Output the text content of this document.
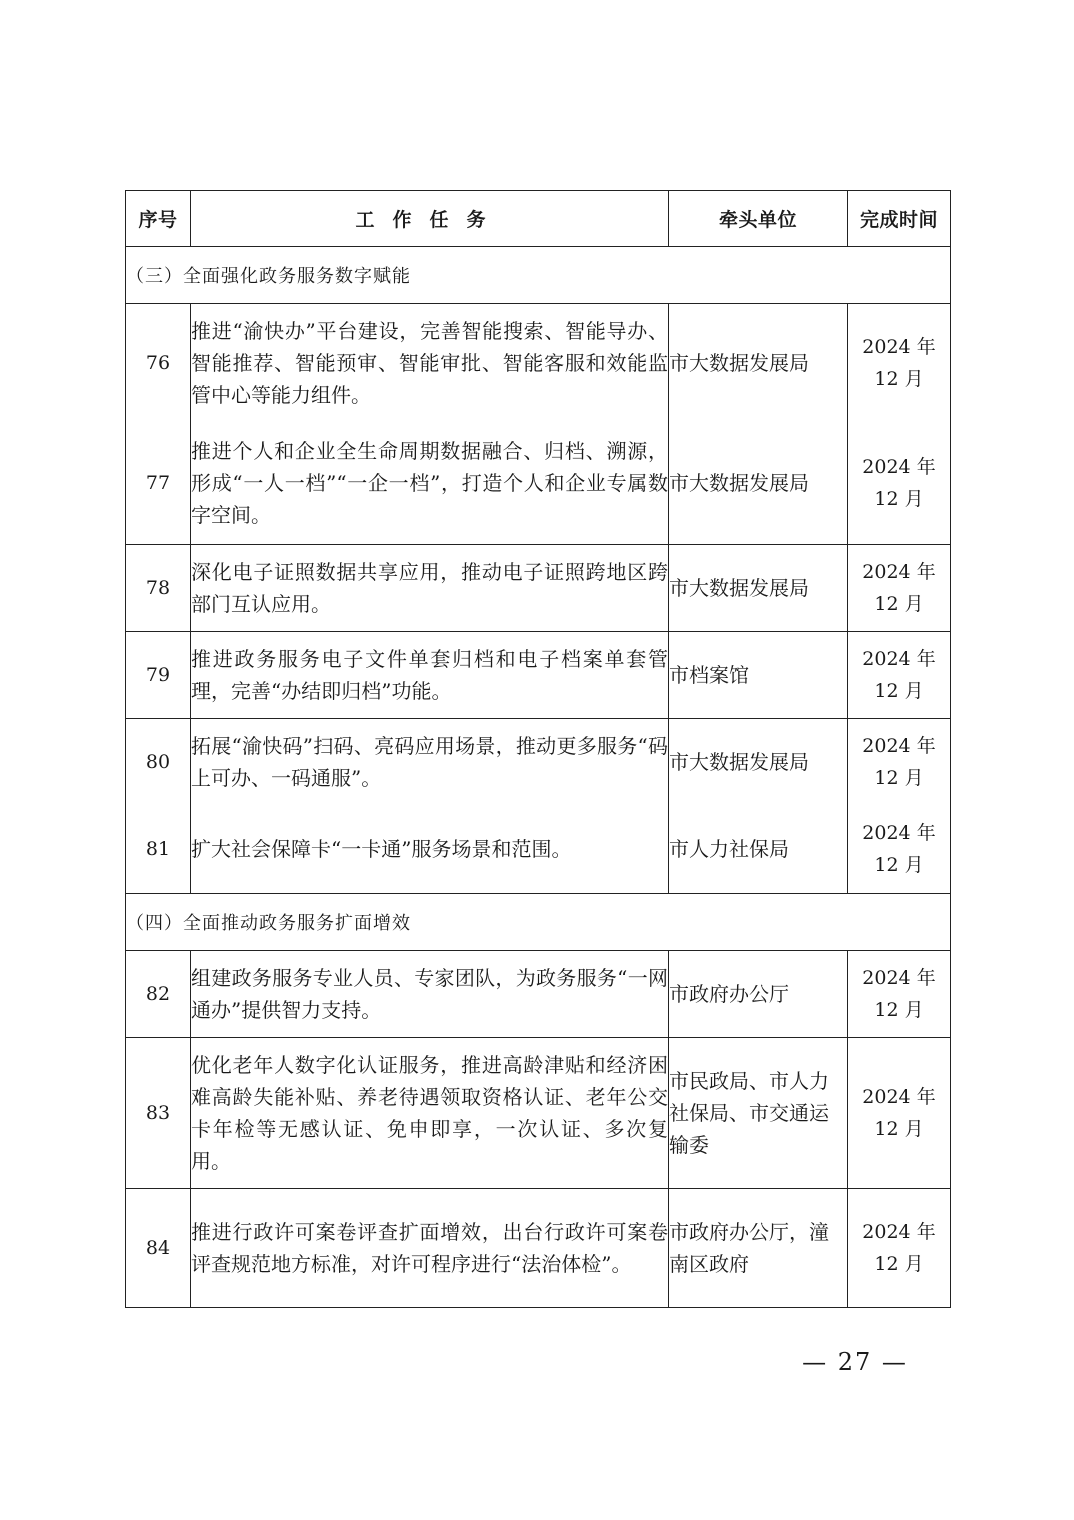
序号	工作任务	牵头单位	完成时间
（三）全面强化政务服务数字赋能			
76	推进“渝快办”平台建设，完善智能搜索、智能导办、智能推荐、智能预审、智能审批、智能客服和效能监管中心等能力组件。	市大数据发展局	2024 年
12 月
77	推进个人和企业全生命周期数据融合、归档、溯源，形成“一人一档”“一企一档”，打造个人和企业专属数字空间。	市大数据发展局	2024 年
12 月
78	深化电子证照数据共享应用，推动电子证照跨地区跨部门互认应用。	市大数据发展局	2024 年
12 月
79	推进政务服务电子文件单套归档和电子档案单套管理，完善“办结即归档”功能。	市档案馆	2024 年
12 月
80	拓展“渝快码”扫码、亮码应用场景，推动更多服务“码上可办、一码通服”。	市大数据发展局	2024 年
12 月
81	扩大社会保障卡“一卡通”服务场景和范围。	市人力社保局	2024 年
12 月
（四）全面推动政务服务扩面增效			
82	组建政务服务专业人员、专家团队，为政务服务“一网通办”提供智力支持。	市政府办公厅	2024 年
12 月
83	优化老年人数字化认证服务，推进高龄津贴和经济困难高龄失能补贴、养老待遇领取资格认证、老年公交卡年检等无感认证、免申即享，一次认证、多次复用。	市民政局、市人力社保局、市交通运输委	2024 年
12 月
84	推进行政许可案卷评查扩面增效，出台行政许可案卷评查规范地方标准，对许可程序进行“法治体检”。	市政府办公厅，潼南区政府	2024 年
12 月
— 27 —
